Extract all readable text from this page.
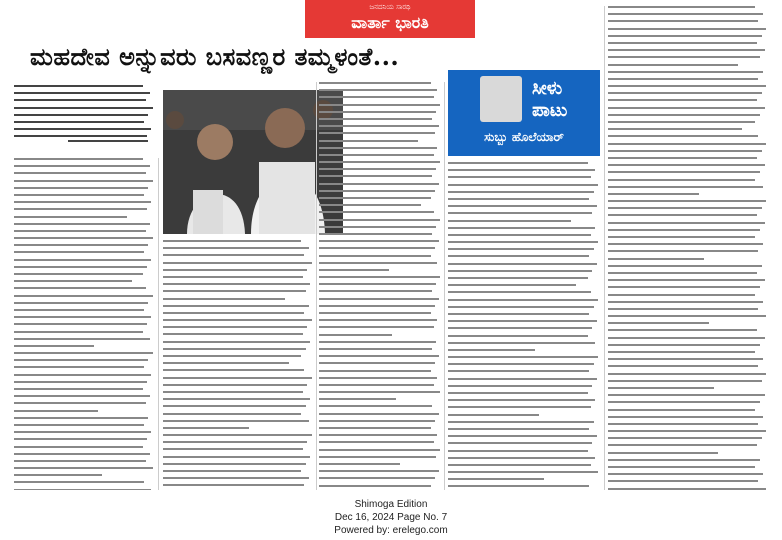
ಜನದನಿಯ ಸಾರಥಿ
ವಾರ್ತಾ ಭಾರತಿ
ಮಹದೇವ ಅನ್ನುವರು ಬಸವಣ್ಣರ ತಮ್ಮಳಂತೆ...
ಸೀಳು ಪಾಟು
ಸುಬ್ಬು ಹೊಲೆಯಾರ್
Shimoga Edition
Dec 16, 2024 Page No. 7
Powered by: erelego.com
